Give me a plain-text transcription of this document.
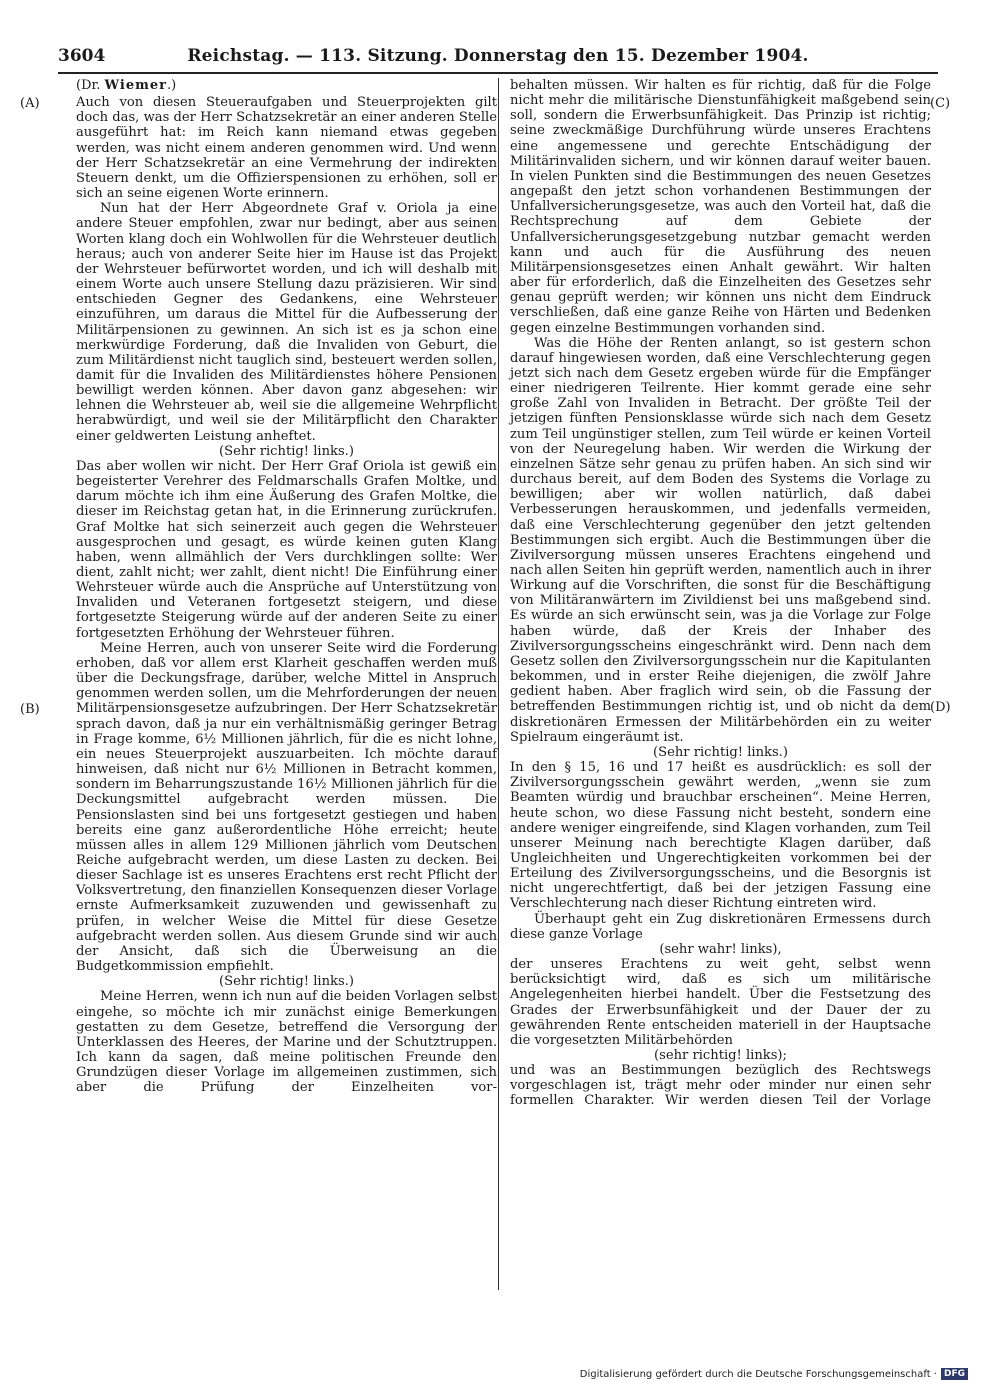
3604	Reichstag. — 113. Sitzung. Donnerstag den 15. Dezember 1904.
(A)
(B)
(C)
(D)
(Dr. Wiemer.)

Auch von diesen Steueraufgaben und Steuerprojekten gilt doch das, was der Herr Schatzsekretär an einer anderen Stelle ausgeführt hat: im Reich kann niemand etwas gegeben werden, was nicht einem anderen genommen wird. Und wenn der Herr Schatzsekretär an eine Vermehrung der indirekten Steuern denkt, um die Offizierspensionen zu erhöhen, soll er sich an seine eigenen Worte erinnern.

Nun hat der Herr Abgeordnete Graf v. Oriola ja eine andere Steuer empfohlen, zwar nur bedingt, aber aus seinen Worten klang doch ein Wohlwollen für die Wehrsteuer deutlich heraus; auch von anderer Seite hier im Hause ist das Projekt der Wehrsteuer befürwortet worden, und ich will deshalb mit einem Worte auch unsere Stellung dazu präzisieren. Wir sind entschieden Gegner des Gedankens, eine Wehrsteuer einzuführen, um daraus die Mittel für die Aufbesserung der Militärpensionen zu gewinnen. An sich ist es ja schon eine merkwürdige Forderung, daß die Invaliden von Geburt, die zum Militärdienst nicht tauglich sind, besteuert werden sollen, damit für die Invaliden des Militärdienstes höhere Pensionen bewilligt werden können. Aber davon ganz abgesehen: wir lehnen die Wehrsteuer ab, weil sie die allgemeine Wehrpflicht herabwürdigt, und weil sie der Militärpflicht den Charakter einer geldwerten Leistung anheftet.

(Sehr richtig! links.)

Das aber wollen wir nicht. Der Herr Graf Oriola ist gewiß ein begeisterter Verehrer des Feldmarschalls Grafen Moltke, und darum möchte ich ihm eine Äußerung des Grafen Moltke, die dieser im Reichstag getan hat, in die Erinnerung zurückrufen. Graf Moltke hat sich seinerzeit auch gegen die Wehrsteuer ausgesprochen und gesagt, es würde keinen guten Klang haben, wenn allmählich der Vers durchklingen sollte: Wer dient, zahlt nicht; wer zahlt, dient nicht! Die Einführung einer Wehrsteuer würde auch die Ansprüche auf Unterstützung von Invaliden und Veteranen fortgesetzt steigern, und diese fortgesetzte Steigerung würde auf der anderen Seite zu einer fortgesetzten Erhöhung der Wehrsteuer führen.

Meine Herren, auch von unserer Seite wird die Forderung erhoben, daß vor allem erst Klarheit geschaffen werden muß über die Deckungsfrage, darüber, welche Mittel in Anspruch genommen werden sollen, um die Mehrforderungen der neuen Militärpensionsgesetze aufzubringen. Der Herr Schatzsekretär sprach davon, daß ja nur ein verhältnismäßig geringer Betrag in Frage komme, 6½ Millionen jährlich, für die es nicht lohne, ein neues Steuerprojekt auszuarbeiten. Ich möchte darauf hinweisen, daß nicht nur 6½ Millionen in Betracht kommen, sondern im Beharrungszustande 16½ Millionen jährlich für die Deckungsmittel aufgebracht werden müssen. Die Pensionslasten sind bei uns fortgesetzt gestiegen und haben bereits eine ganz außerordentliche Höhe erreicht; heute müssen alles in allem 129 Millionen jährlich vom Deutschen Reiche aufgebracht werden, um diese Lasten zu decken. Bei dieser Sachlage ist es unseres Erachtens erst recht Pflicht der Volksvertretung, den finanziellen Konsequenzen dieser Vorlage ernste Aufmerksamkeit zuzuwenden und gewissenhaft zu prüfen, in welcher Weise die Mittel für diese Gesetze aufgebracht werden sollen. Aus diesem Grunde sind wir auch der Ansicht, daß sich die Überweisung an die Budgetkommission empfiehlt.

(Sehr richtig! links.)

Meine Herren, wenn ich nun auf die beiden Vorlagen selbst eingehe, so möchte ich mir zunächst einige Bemerkungen gestatten zu dem Gesetze, betreffend die Versorgung der Unterklassen des Heeres, der Marine und der Schutztruppen. Ich kann da sagen, daß meine politischen Freunde den Grundzügen dieser Vorlage im allgemeinen zustimmen, sich aber die Prüfung der Einzelheiten vor-

behalten müssen. Wir halten es für richtig, daß für die Folge nicht mehr die militärische Dienstunfähigkeit maßgebend sein soll, sondern die Erwerbsunfähigkeit. Das Prinzip ist richtig; seine zweckmäßige Durchführung würde unseres Erachtens eine angemessene und gerechte Entschädigung der Militärinvaliden sichern, und wir können darauf weiter bauen. In vielen Punkten sind die Bestimmungen des neuen Gesetzes angepaßt den jetzt schon vorhandenen Bestimmungen der Unfallversicherungsgesetze, was auch den Vorteil hat, daß die Rechtsprechung auf dem Gebiete der Unfallversicherungsgesetzgebung nutzbar gemacht werden kann und auch für die Ausführung des neuen Militärpensionsgesetzes einen Anhalt gewährt. Wir halten aber für erforderlich, daß die Einzelheiten des Gesetzes sehr genau geprüft werden; wir können uns nicht dem Eindruck verschließen, daß eine ganze Reihe von Härten und Bedenken gegen einzelne Bestimmungen vorhanden sind.

Was die Höhe der Renten anlangt, so ist gestern schon darauf hingewiesen worden, daß eine Verschlechterung gegen jetzt sich nach dem Gesetz ergeben würde für die Empfänger einer niedrigeren Teilrente. Hier kommt gerade eine sehr große Zahl von Invaliden in Betracht. Der größte Teil der jetzigen fünften Pensionsklasse würde sich nach dem Gesetz zum Teil ungünstiger stellen, zum Teil würde er keinen Vorteil von der Neuregelung haben. Wir werden die Wirkung der einzelnen Sätze sehr genau zu prüfen haben. An sich sind wir durchaus bereit, auf dem Boden des Systems die Vorlage zu bewilligen; aber wir wollen natürlich, daß dabei Verbesserungen herauskommen, und jedenfalls vermeiden, daß eine Verschlechterung gegenüber den jetzt geltenden Bestimmungen sich ergibt. Auch die Bestimmungen über die Zivilversorgung müssen unseres Erachtens eingehend und nach allen Seiten hin geprüft werden, namentlich auch in ihrer Wirkung auf die Vorschriften, die sonst für die Beschäftigung von Militäranwärtern im Zivildienst bei uns maßgebend sind. Es würde an sich erwünscht sein, was ja die Vorlage zur Folge haben würde, daß der Kreis der Inhaber des Zivilversorgungsscheins eingeschränkt wird. Denn nach dem Gesetz sollen den Zivilversorgungsschein nur die Kapitulanten bekommen, und in erster Reihe diejenigen, die zwölf Jahre gedient haben. Aber fraglich wird sein, ob die Fassung der betreffenden Bestimmungen richtig ist, und ob nicht da dem diskretionären Ermessen der Militärbehörden ein zu weiter Spielraum eingeräumt ist.

(Sehr richtig! links.)

In den § 15, 16 und 17 heißt es ausdrücklich: es soll der Zivilversorgungsschein gewährt werden, „wenn sie zum Beamten würdig und brauchbar erscheinen“. Meine Herren, heute schon, wo diese Fassung nicht besteht, sondern eine andere weniger eingreifende, sind Klagen vorhanden, zum Teil unserer Meinung nach berechtigte Klagen darüber, daß Ungleichheiten und Ungerechtigkeiten vorkommen bei der Erteilung des Zivilversorgungsscheins, und die Besorgnis ist nicht ungerechtfertigt, daß bei der jetzigen Fassung eine Verschlechterung nach dieser Richtung eintreten wird.

Überhaupt geht ein Zug diskretionären Ermessens durch diese ganze Vorlage

(sehr wahr! links),

der unseres Erachtens zu weit geht, selbst wenn berücksichtigt wird, daß es sich um militärische Angelegenheiten hierbei handelt. Über die Festsetzung des Grades der Erwerbsunfähigkeit und der Dauer der zu gewährenden Rente entscheiden materiell in der Hauptsache die vorgesetzten Militärbehörden

(sehr richtig! links);

und was an Bestimmungen bezüglich des Rechtswegs vorgeschlagen ist, trägt mehr oder minder nur einen sehr formellen Charakter. Wir werden diesen Teil der Vorlage

Digitalisierung gefördert durch die Deutsche Forschungsgemeinschaft · DFG
